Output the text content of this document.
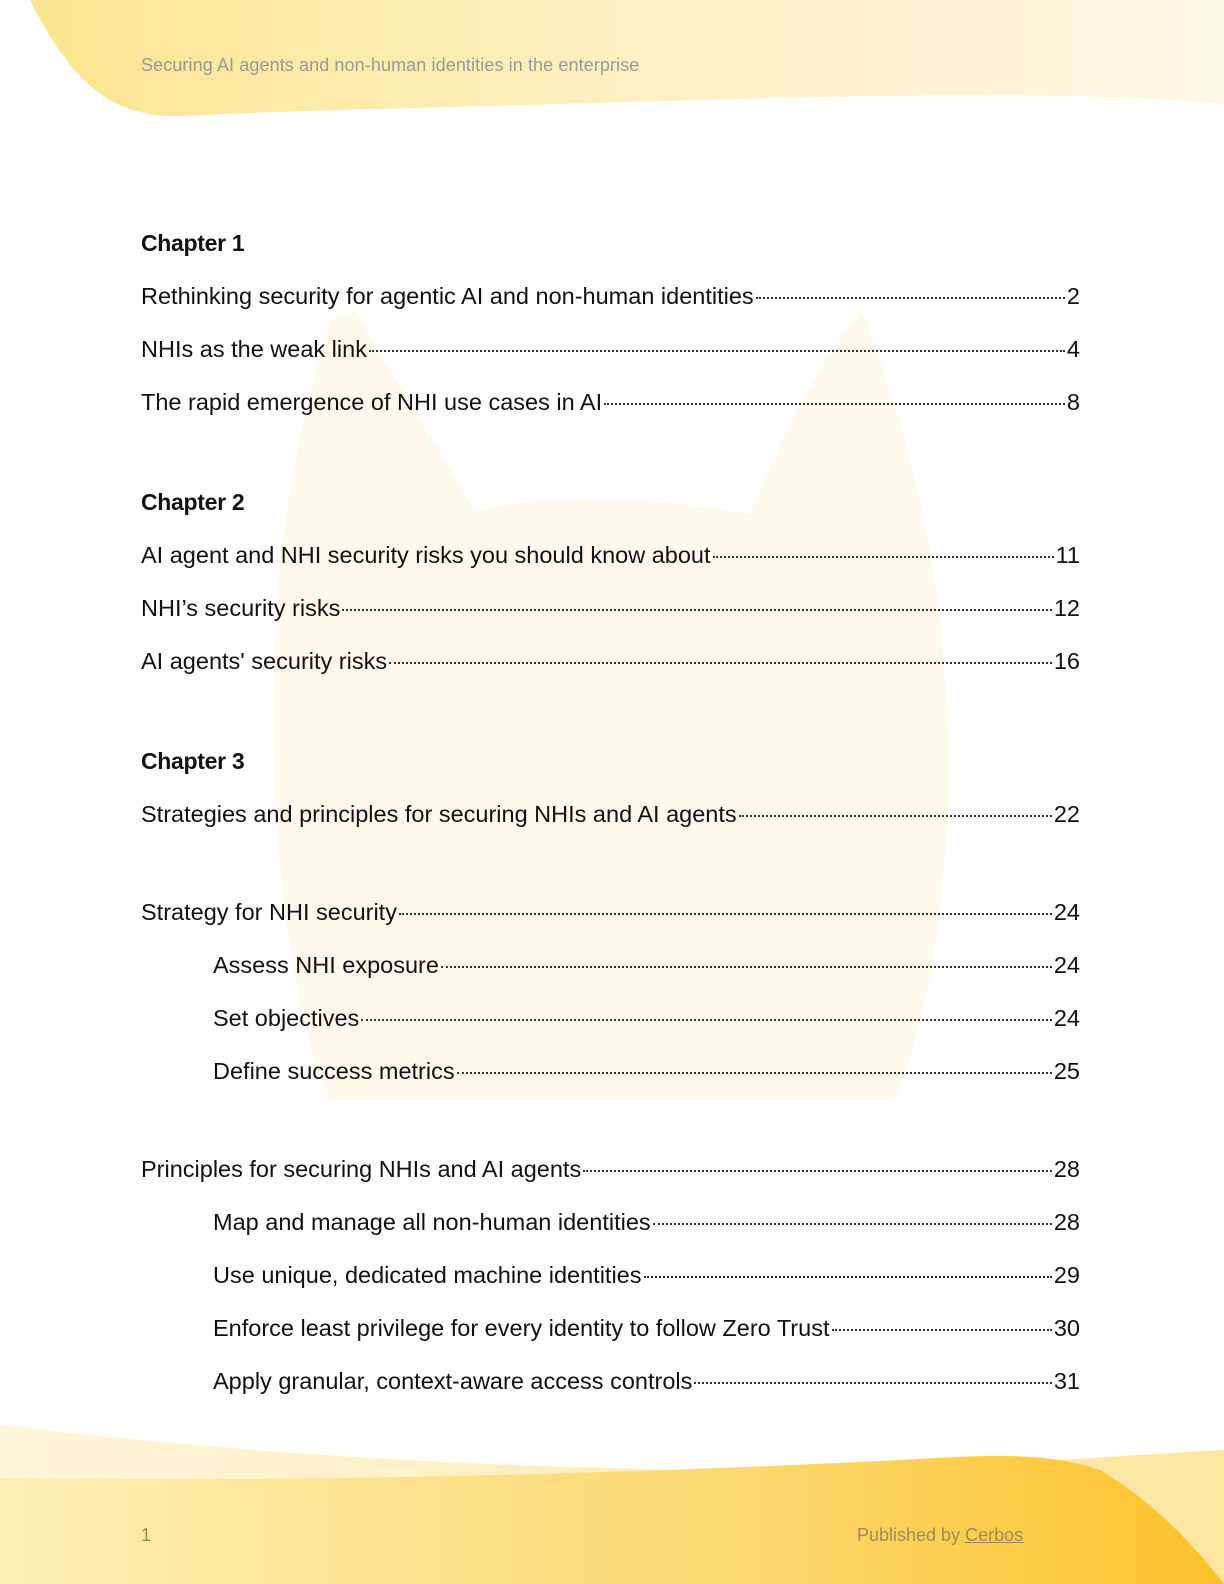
Securing AI agents and non-human identities in the enterprise
Chapter 1
Rethinking security for agentic AI and non-human identities	2
NHIs as the weak link	4
The rapid emergence of NHI use cases in AI	8
Chapter 2
AI agent and NHI security risks you should know about	11
NHI’s security risks	12
AI agents' security risks	16
Chapter 3
Strategies and principles for securing NHIs and AI agents	22
Strategy for NHI security	24
Assess NHI exposure	24
Set objectives	24
Define success metrics	25
Principles for securing NHIs and AI agents	28
Map and manage all non-human identities	28
Use unique, dedicated machine identities	29
Enforce least privilege for every identity to follow Zero Trust	30
Apply granular, context-aware access controls	31
1	Published by Cerbos
